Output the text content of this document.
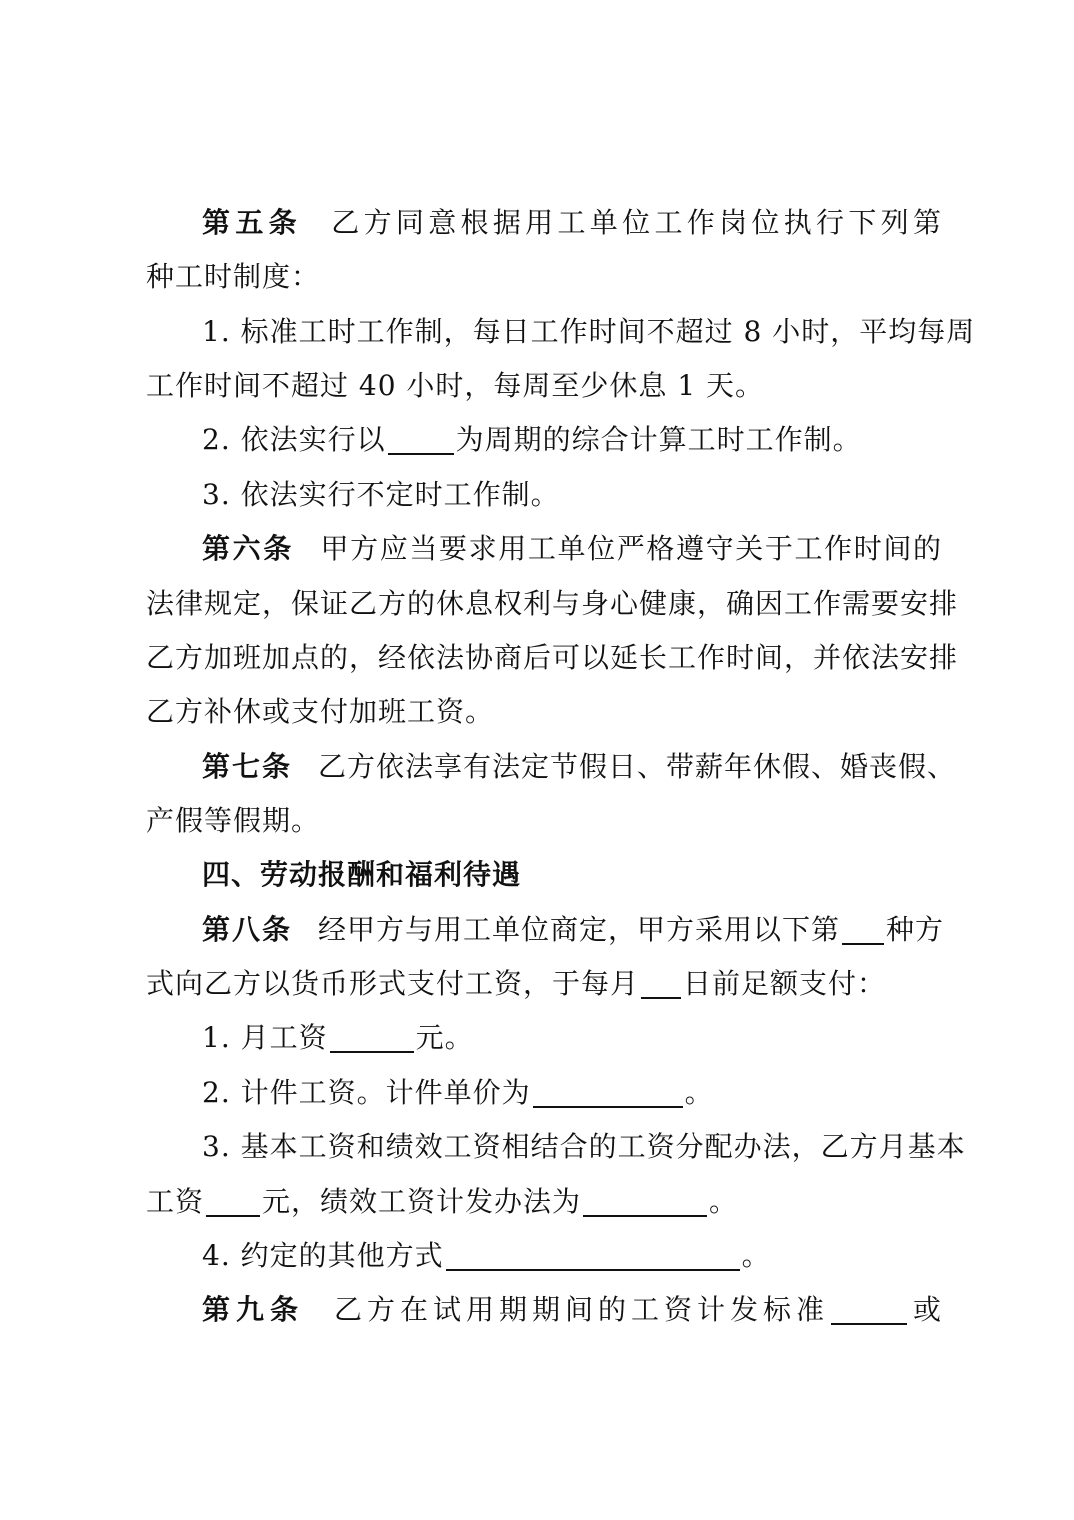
第五条 乙方同意根据用工单位工作岗位执行下列第
种工时制度：
1. 标准工时工作制，每日工作时间不超过 8 小时，平均每周
工作时间不超过 40 小时，每周至少休息 1 天。
2. 依法实行以	为周期的综合计算工时工作制。
3. 依法实行不定时工作制。
第六条 甲方应当要求用工单位严格遵守关于工作时间的
法律规定，保证乙方的休息权利与身心健康，确因工作需要安排
乙方加班加点的，经依法协商后可以延长工作时间，并依法安排
乙方补休或支付加班工资。
第七条 乙方依法享有法定节假日、带薪年休假、婚丧假、
产假等假期。
四、劳动报酬和福利待遇
第八条 经甲方与用工单位商定，甲方采用以下第 种方
式向乙方以货币形式支付工资，于每月 日前足额支付：
1. 月工资	元。
2. 计件工资。计件单价为	。
3. 基本工资和绩效工资相结合的工资分配办法，乙方月基本
工资 元，绩效工资计发办法为	。
4. 约定的其他方式	。
第九条 乙方在试用期期间的工资计发标准	或
